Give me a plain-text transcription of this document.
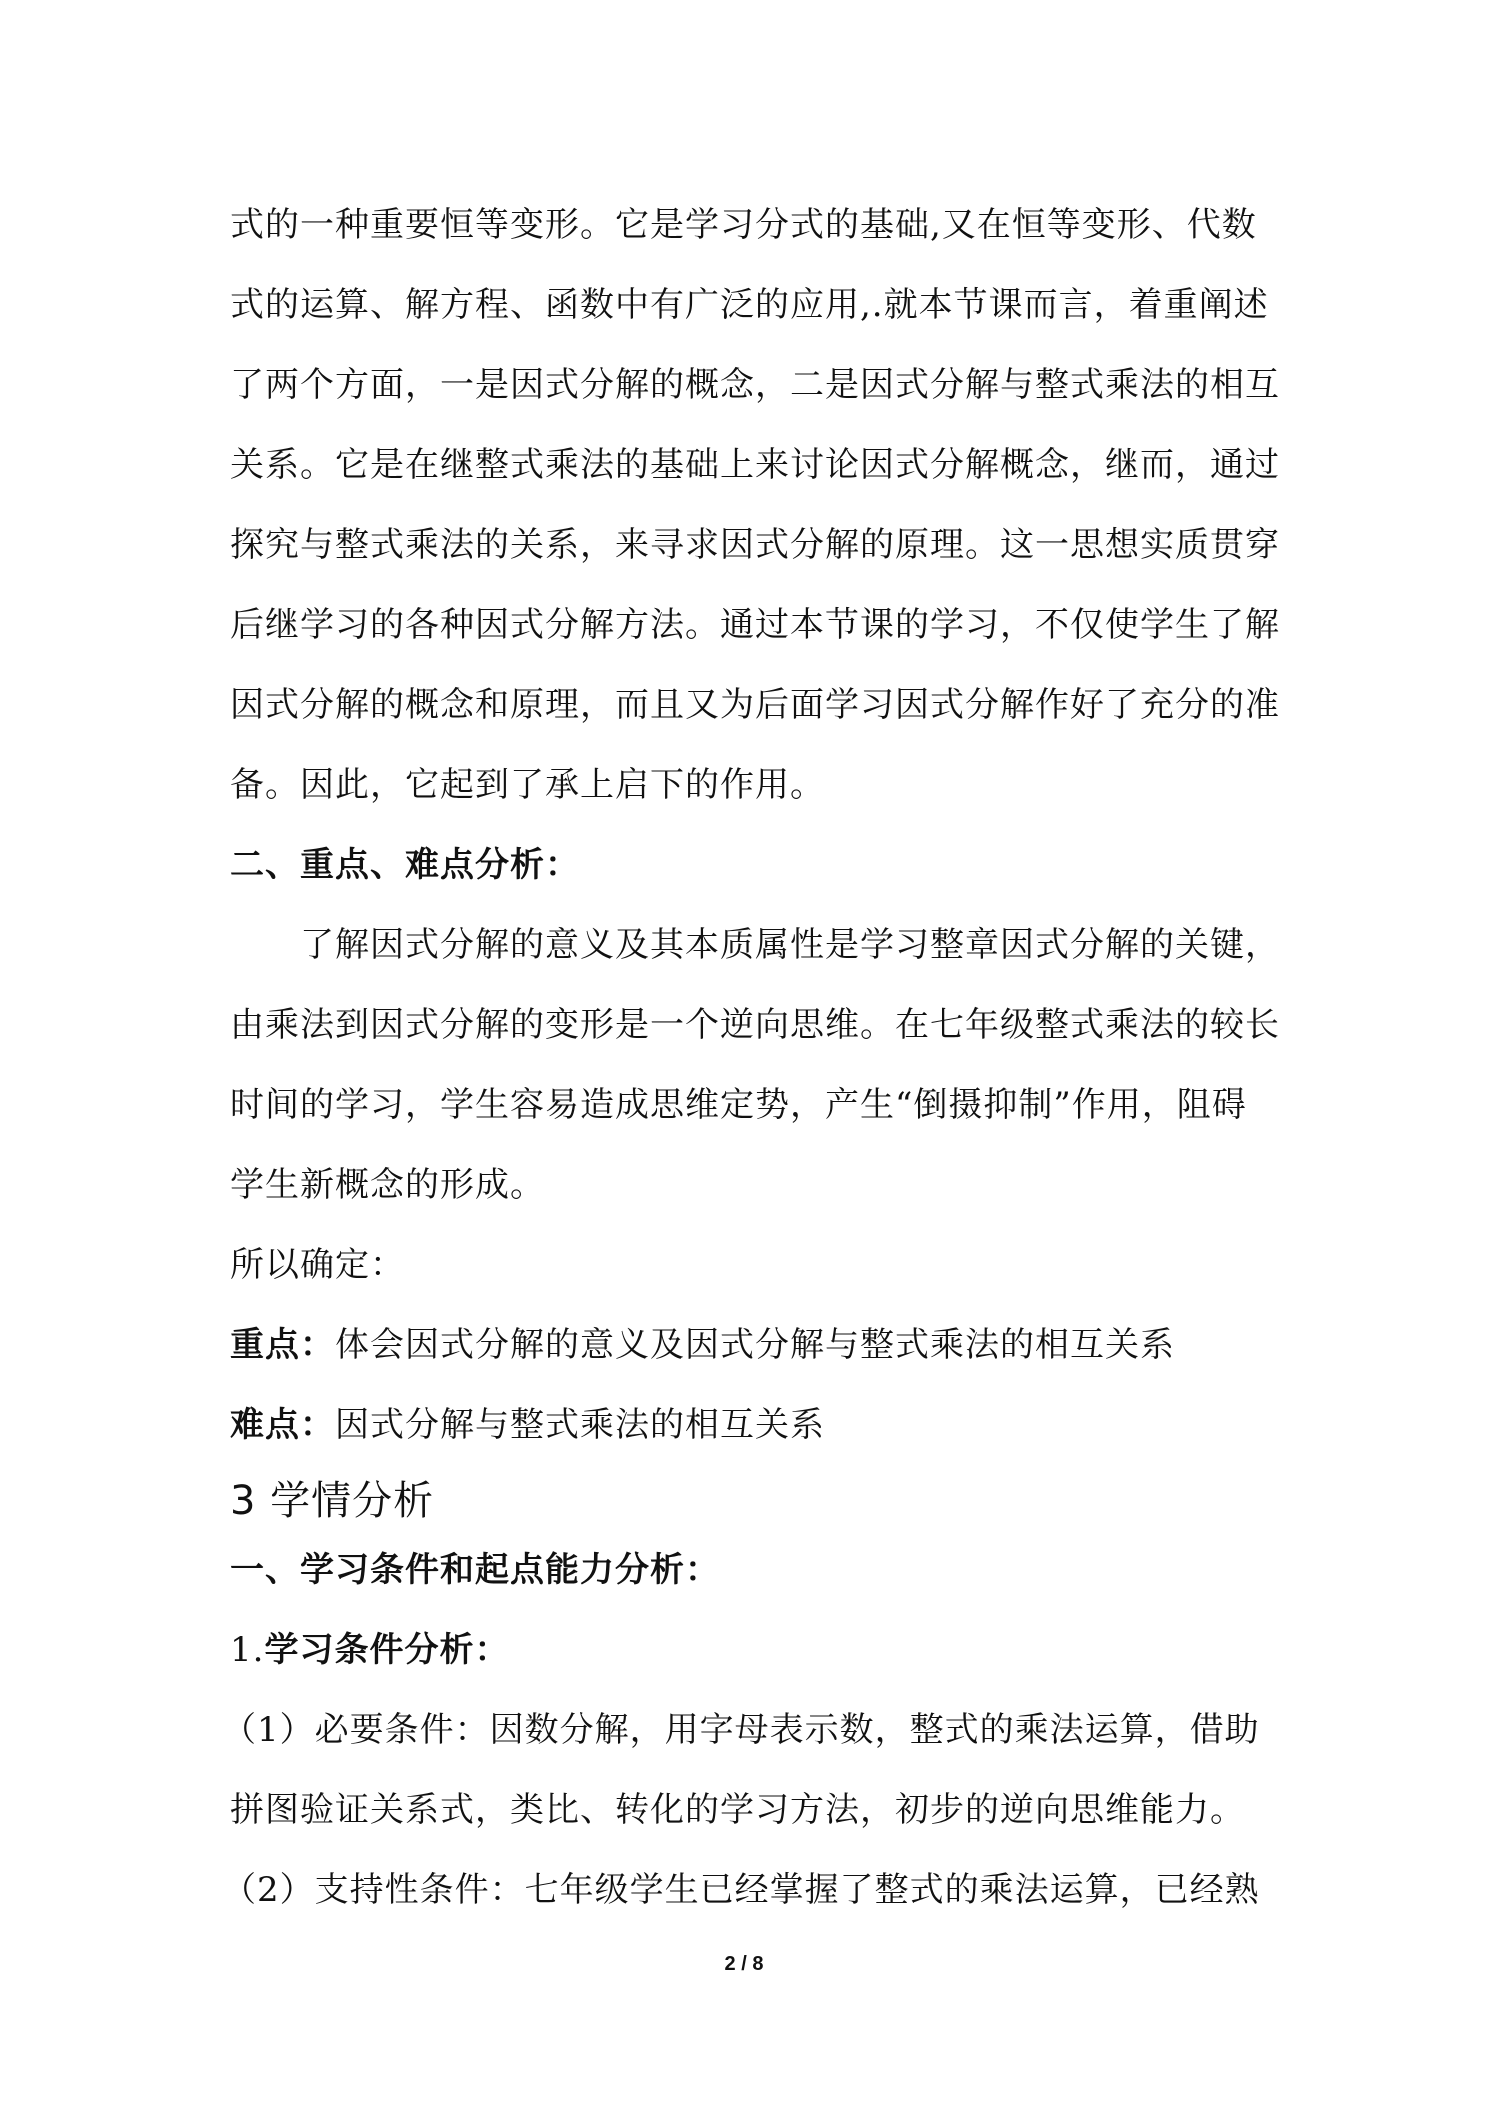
式的一种重要恒等变形。它是学习分式的基础,又在恒等变形、代数
式的运算、解方程、函数中有广泛的应用,.就本节课而言，着重阐述
了两个方面，一是因式分解的概念，二是因式分解与整式乘法的相互
关系。它是在继整式乘法的基础上来讨论因式分解概念，继而，通过
探究与整式乘法的关系，来寻求因式分解的原理。这一思想实质贯穿
后继学习的各种因式分解方法。通过本节课的学习，不仅使学生了解
因式分解的概念和原理，而且又为后面学习因式分解作好了充分的准
备。因此，它起到了承上启下的作用。
二、重点、难点分析：
了解因式分解的意义及其本质属性是学习整章因式分解的关键，
由乘法到因式分解的变形是一个逆向思维。在七年级整式乘法的较长
时间的学习，学生容易造成思维定势，产生“倒摄抑制”作用，阻碍
学生新概念的形成。
所以确定：
重点：体会因式分解的意义及因式分解与整式乘法的相互关系
难点：因式分解与整式乘法的相互关系
3 学情分析
一、学习条件和起点能力分析：
1.学习条件分析：
（1）必要条件：因数分解，用字母表示数，整式的乘法运算，借助
拼图验证关系式，类比、转化的学习方法，初步的逆向思维能力。
（2）支持性条件：七年级学生已经掌握了整式的乘法运算，已经熟
2 / 8
